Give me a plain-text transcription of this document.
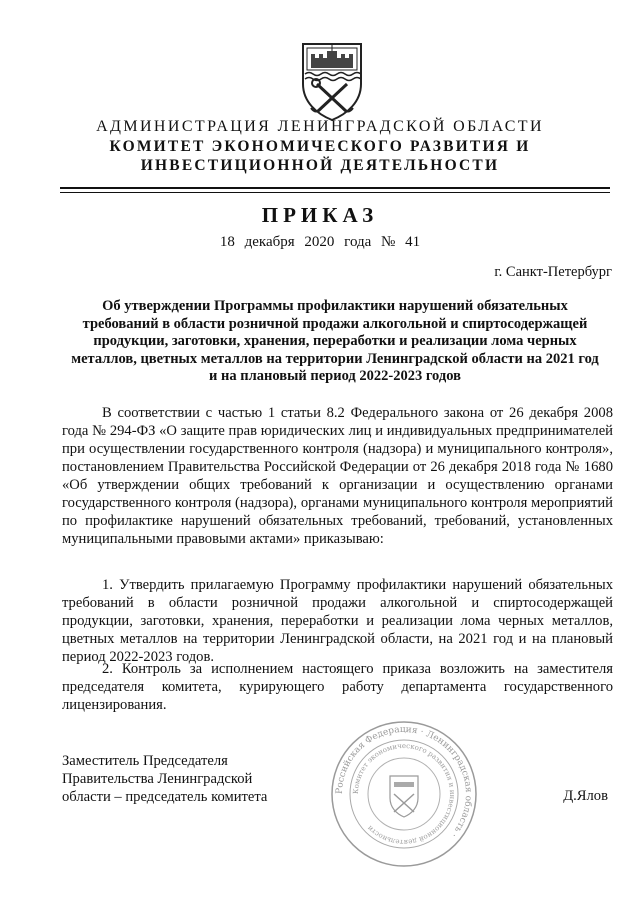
АДМИНИСТРАЦИЯ ЛЕНИНГРАДСКОЙ ОБЛАСТИ
КОМИТЕТ ЭКОНОМИЧЕСКОГО РАЗВИТИЯ И
ИНВЕСТИЦИОННОЙ ДЕЯТЕЛЬНОСТИ
ПРИКАЗ
18 декабря 2020 года № 41
г. Санкт-Петербург
Об утверждении Программы профилактики нарушений обязательных требований в области розничной продажи алкогольной и спиртосодержащей продукции, заготовки, хранения, переработки и реализации лома черных металлов, цветных металлов на территории Ленинградской области на 2021 год и на плановый период 2022-2023 годов
В соответствии с частью 1 статьи 8.2 Федерального закона от 26 декабря 2008 года № 294-ФЗ «О защите прав юридических лиц и индивидуальных предпринимателей при осуществлении государственного контроля (надзора) и муниципального контроля», постановлением Правительства Российской Федерации от 26 декабря 2018 года № 1680 «Об утверждении общих требований к организации и осуществлению органами государственного контроля (надзора), органами муниципального контроля мероприятий по профилактике нарушений обязательных требований, требований, установленных муниципальными правовыми актами» приказываю:
1. Утвердить прилагаемую Программу профилактики нарушений обязательных требований в области розничной продажи алкогольной и спиртосодержащей продукции, заготовки, хранения, переработки и реализации лома черных металлов, цветных металлов на территории Ленинградской области, на 2021 год и на плановый период 2022-2023 годов.
2. Контроль за исполнением настоящего приказа возложить на заместителя председателя комитета, курирующего работу департамента государственного лицензирования.
Заместитель Председателя
Правительства Ленинградской
области – председатель комитета	Российская Федерация · Ленинградская область ·
Комитет экономического развития и инвестиционной деятельности
Д.Ялов
